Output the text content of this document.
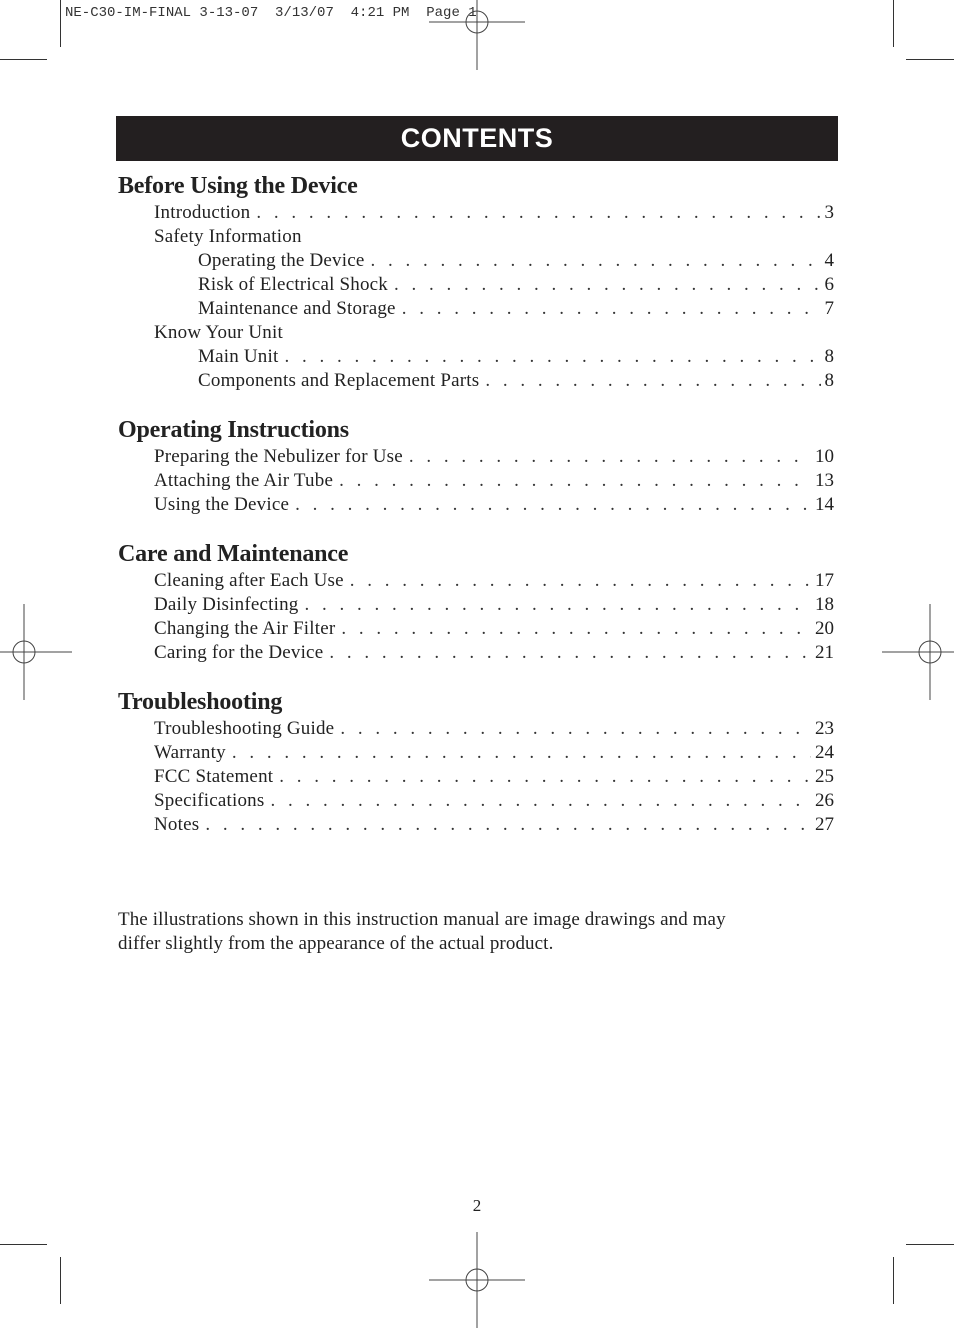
NE-C30-IM-FINAL 3-13-07  3/13/07  4:21 PM  Page 1
CONTENTS
Before Using the Device
Introduction . . .	3
Safety Information
Operating the Device . . .	4
Risk of Electrical Shock . . .	6
Maintenance and Storage . . .	7
Know Your Unit
Main Unit . . .	8
Components and Replacement Parts . . .	8
Operating Instructions
Preparing the Nebulizer for Use . . .	10
Attaching the Air Tube . . .	13
Using the Device . . .	14
Care and Maintenance
Cleaning after Each Use . . .	17
Daily Disinfecting . . .	18
Changing the Air Filter . . .	20
Caring for the Device . . .	21
Troubleshooting
Troubleshooting Guide . . .	23
Warranty . . .	24
FCC Statement . . .	25
Specifications . . .	26
Notes . . .	27
The illustrations shown in this instruction manual are image drawings and may
differ slightly from the appearance of the actual product.
2
